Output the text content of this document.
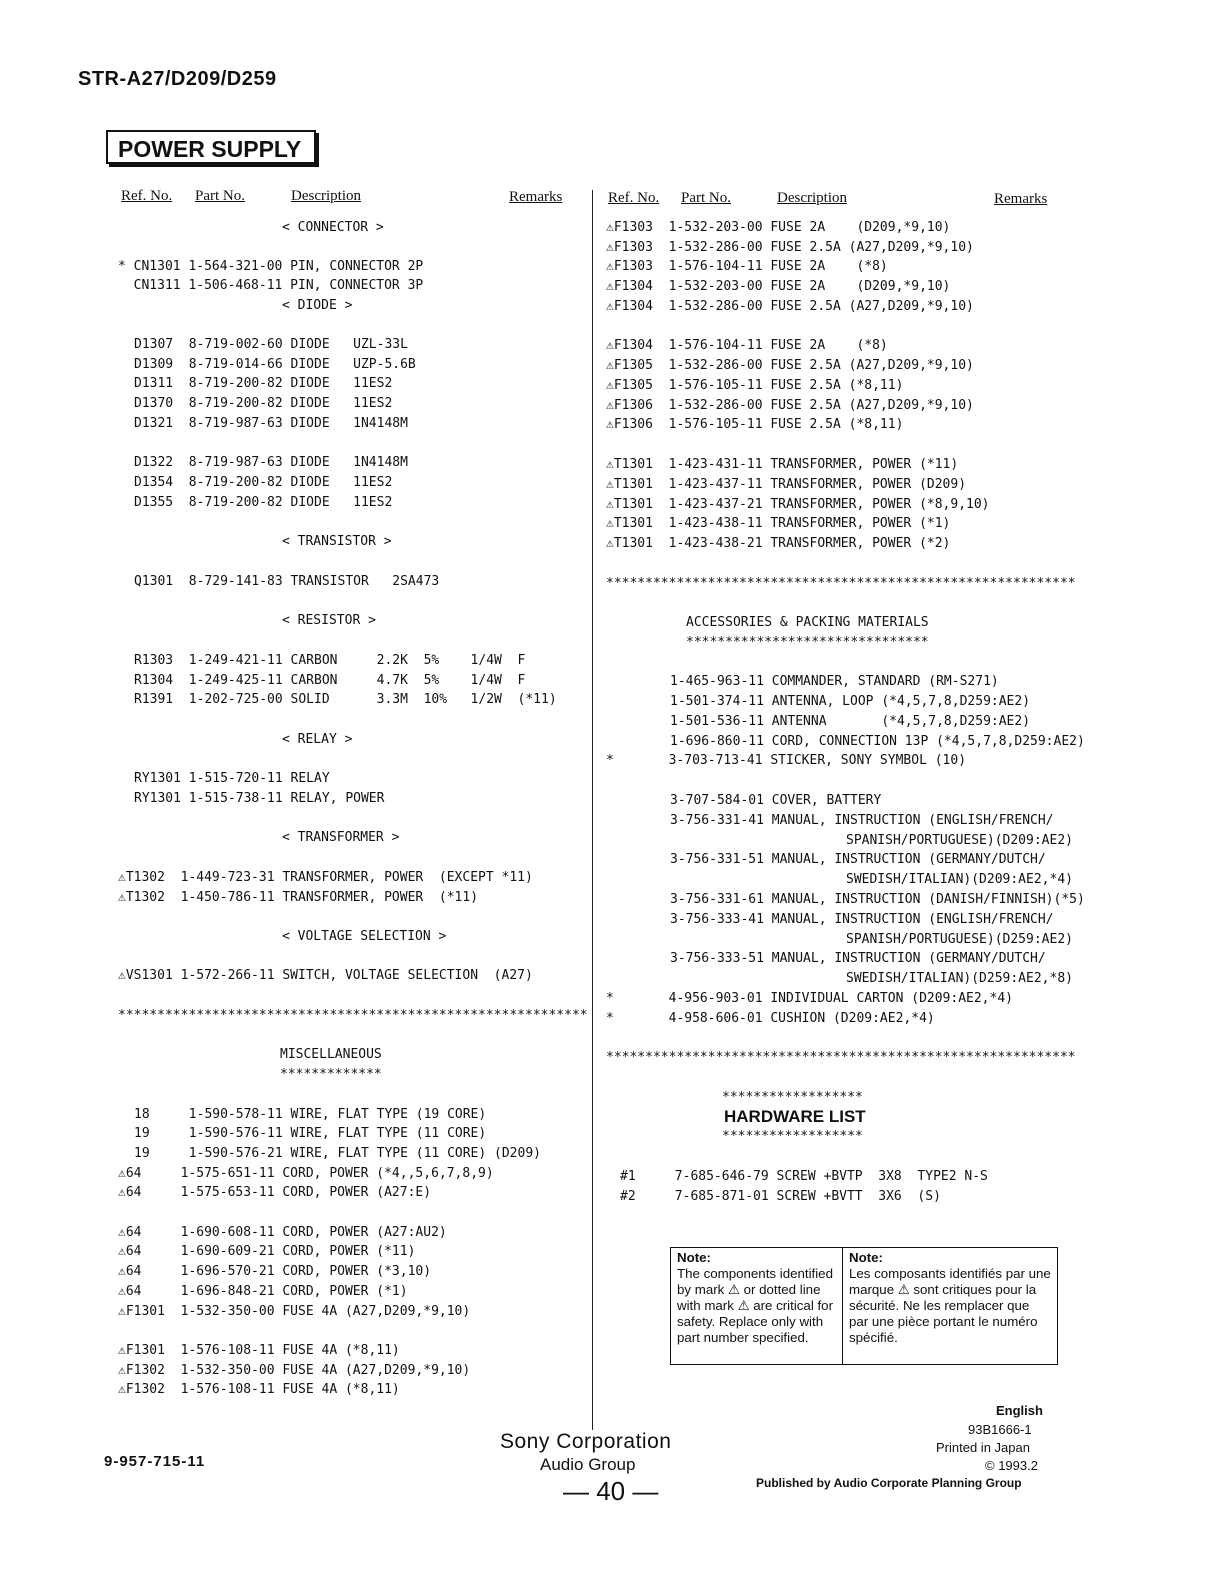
STR-A27/D209/D259
POWER SUPPLY
Ref. No. Part No.	Description	Remarks	Ref. No. Part No.	Description	Remarks
< CONNECTOR >
* CN1301 1-564-321-00 PIN, CONNECTOR 2P
CN1311 1-506-468-11 PIN, CONNECTOR 3P
< DIODE >
D1307  8-719-002-60 DIODE   UZL-33L
D1309  8-719-014-66 DIODE   UZP-5.6B
D1311  8-719-200-82 DIODE   11ES2
D1370  8-719-200-82 DIODE   11ES2
D1321  8-719-987-63 DIODE   1N4148M
D1322  8-719-987-63 DIODE   1N4148M
D1354  8-719-200-82 DIODE   11ES2
D1355  8-719-200-82 DIODE   11ES2
< TRANSISTOR >
Q1301  8-729-141-83 TRANSISTOR   2SA473
< RESISTOR >
R1303  1-249-421-11 CARBON     2.2K  5%    1/4W  F
R1304  1-249-425-11 CARBON     4.7K  5%    1/4W  F
R1391  1-202-725-00 SOLID      3.3M  10%   1/2W  (*11)
< RELAY >
RY1301 1-515-720-11 RELAY
RY1301 1-515-738-11 RELAY, POWER
< TRANSFORMER >
⚠T1302  1-449-723-31 TRANSFORMER, POWER  (EXCEPT *11)
⚠T1302  1-450-786-11 TRANSFORMER, POWER  (*11)
< VOLTAGE SELECTION >
⚠VS1301 1-572-266-11 SWITCH, VOLTAGE SELECTION  (A27)
************************************************************
MISCELLANEOUS
*************
18     1-590-578-11 WIRE, FLAT TYPE (19 CORE)
19     1-590-576-11 WIRE, FLAT TYPE (11 CORE)
19     1-590-576-21 WIRE, FLAT TYPE (11 CORE) (D209)
⚠64     1-575-651-11 CORD, POWER (*4,,5,6,7,8,9)
⚠64     1-575-653-11 CORD, POWER (A27:E)
⚠64     1-690-608-11 CORD, POWER (A27:AU2)
⚠64     1-690-609-21 CORD, POWER (*11)
⚠64     1-696-570-21 CORD, POWER (*3,10)
⚠64     1-696-848-21 CORD, POWER (*1)
⚠F1301  1-532-350-00 FUSE 4A (A27,D209,*9,10)
⚠F1301  1-576-108-11 FUSE 4A (*8,11)
⚠F1302  1-532-350-00 FUSE 4A (A27,D209,*9,10)
⚠F1302  1-576-108-11 FUSE 4A (*8,11)
⚠F1303  1-532-203-00 FUSE 2A    (D209,*9,10)
⚠F1303  1-532-286-00 FUSE 2.5A (A27,D209,*9,10)
⚠F1303  1-576-104-11 FUSE 2A    (*8)
⚠F1304  1-532-203-00 FUSE 2A    (D209,*9,10)
⚠F1304  1-532-286-00 FUSE 2.5A (A27,D209,*9,10)
⚠F1304  1-576-104-11 FUSE 2A    (*8)
⚠F1305  1-532-286-00 FUSE 2.5A (A27,D209,*9,10)
⚠F1305  1-576-105-11 FUSE 2.5A (*8,11)
⚠F1306  1-532-286-00 FUSE 2.5A (A27,D209,*9,10)
⚠F1306  1-576-105-11 FUSE 2.5A (*8,11)
⚠T1301  1-423-431-11 TRANSFORMER, POWER (*11)
⚠T1301  1-423-437-11 TRANSFORMER, POWER (D209)
⚠T1301  1-423-437-21 TRANSFORMER, POWER (*8,9,10)
⚠T1301  1-423-438-11 TRANSFORMER, POWER (*1)
⚠T1301  1-423-438-21 TRANSFORMER, POWER (*2)
************************************************************
ACCESSORIES & PACKING MATERIALS
*******************************
1-465-963-11 COMMANDER, STANDARD (RM-S271)
1-501-374-11 ANTENNA, LOOP (*4,5,7,8,D259:AE2)
1-501-536-11 ANTENNA       (*4,5,7,8,D259:AE2)
1-696-860-11 CORD, CONNECTION 13P (*4,5,7,8,D259:AE2)
*       3-703-713-41 STICKER, SONY SYMBOL (10)
3-707-584-01 COVER, BATTERY
3-756-331-41 MANUAL, INSTRUCTION (ENGLISH/FRENCH/
SPANISH/PORTUGUESE)(D209:AE2)
3-756-331-51 MANUAL, INSTRUCTION (GERMANY/DUTCH/
SWEDISH/ITALIAN)(D209:AE2,*4)
3-756-331-61 MANUAL, INSTRUCTION (DANISH/FINNISH)(*5)
3-756-333-41 MANUAL, INSTRUCTION (ENGLISH/FRENCH/
SPANISH/PORTUGUESE)(D259:AE2)
3-756-333-51 MANUAL, INSTRUCTION (GERMANY/DUTCH/
SWEDISH/ITALIAN)(D259:AE2,*8)
*       4-956-903-01 INDIVIDUAL CARTON (D209:AE2,*4)
*       4-958-606-01 CUSHION (D209:AE2,*4)
************************************************************
******************
******************
#1     7-685-646-79 SCREW +BVTP  3X8  TYPE2 N-S
#2     7-685-871-01 SCREW +BVTT  3X6  (S)
HARDWARE LIST
Note:
The components identified by mark ⚠ or dotted line with mark ⚠ are critical for safety. Replace only with part number specified.
Note:
Les composants identifiés par une marque ⚠ sont critiques pour la sécurité. Ne les remplacer que par une pièce portant le numéro spécifié.
9-957-715-11
Sony Corporation
Audio Group
— 40 —
English
93B1666-1
Printed in Japan
© 1993.2
Published by Audio Corporate Planning Group
